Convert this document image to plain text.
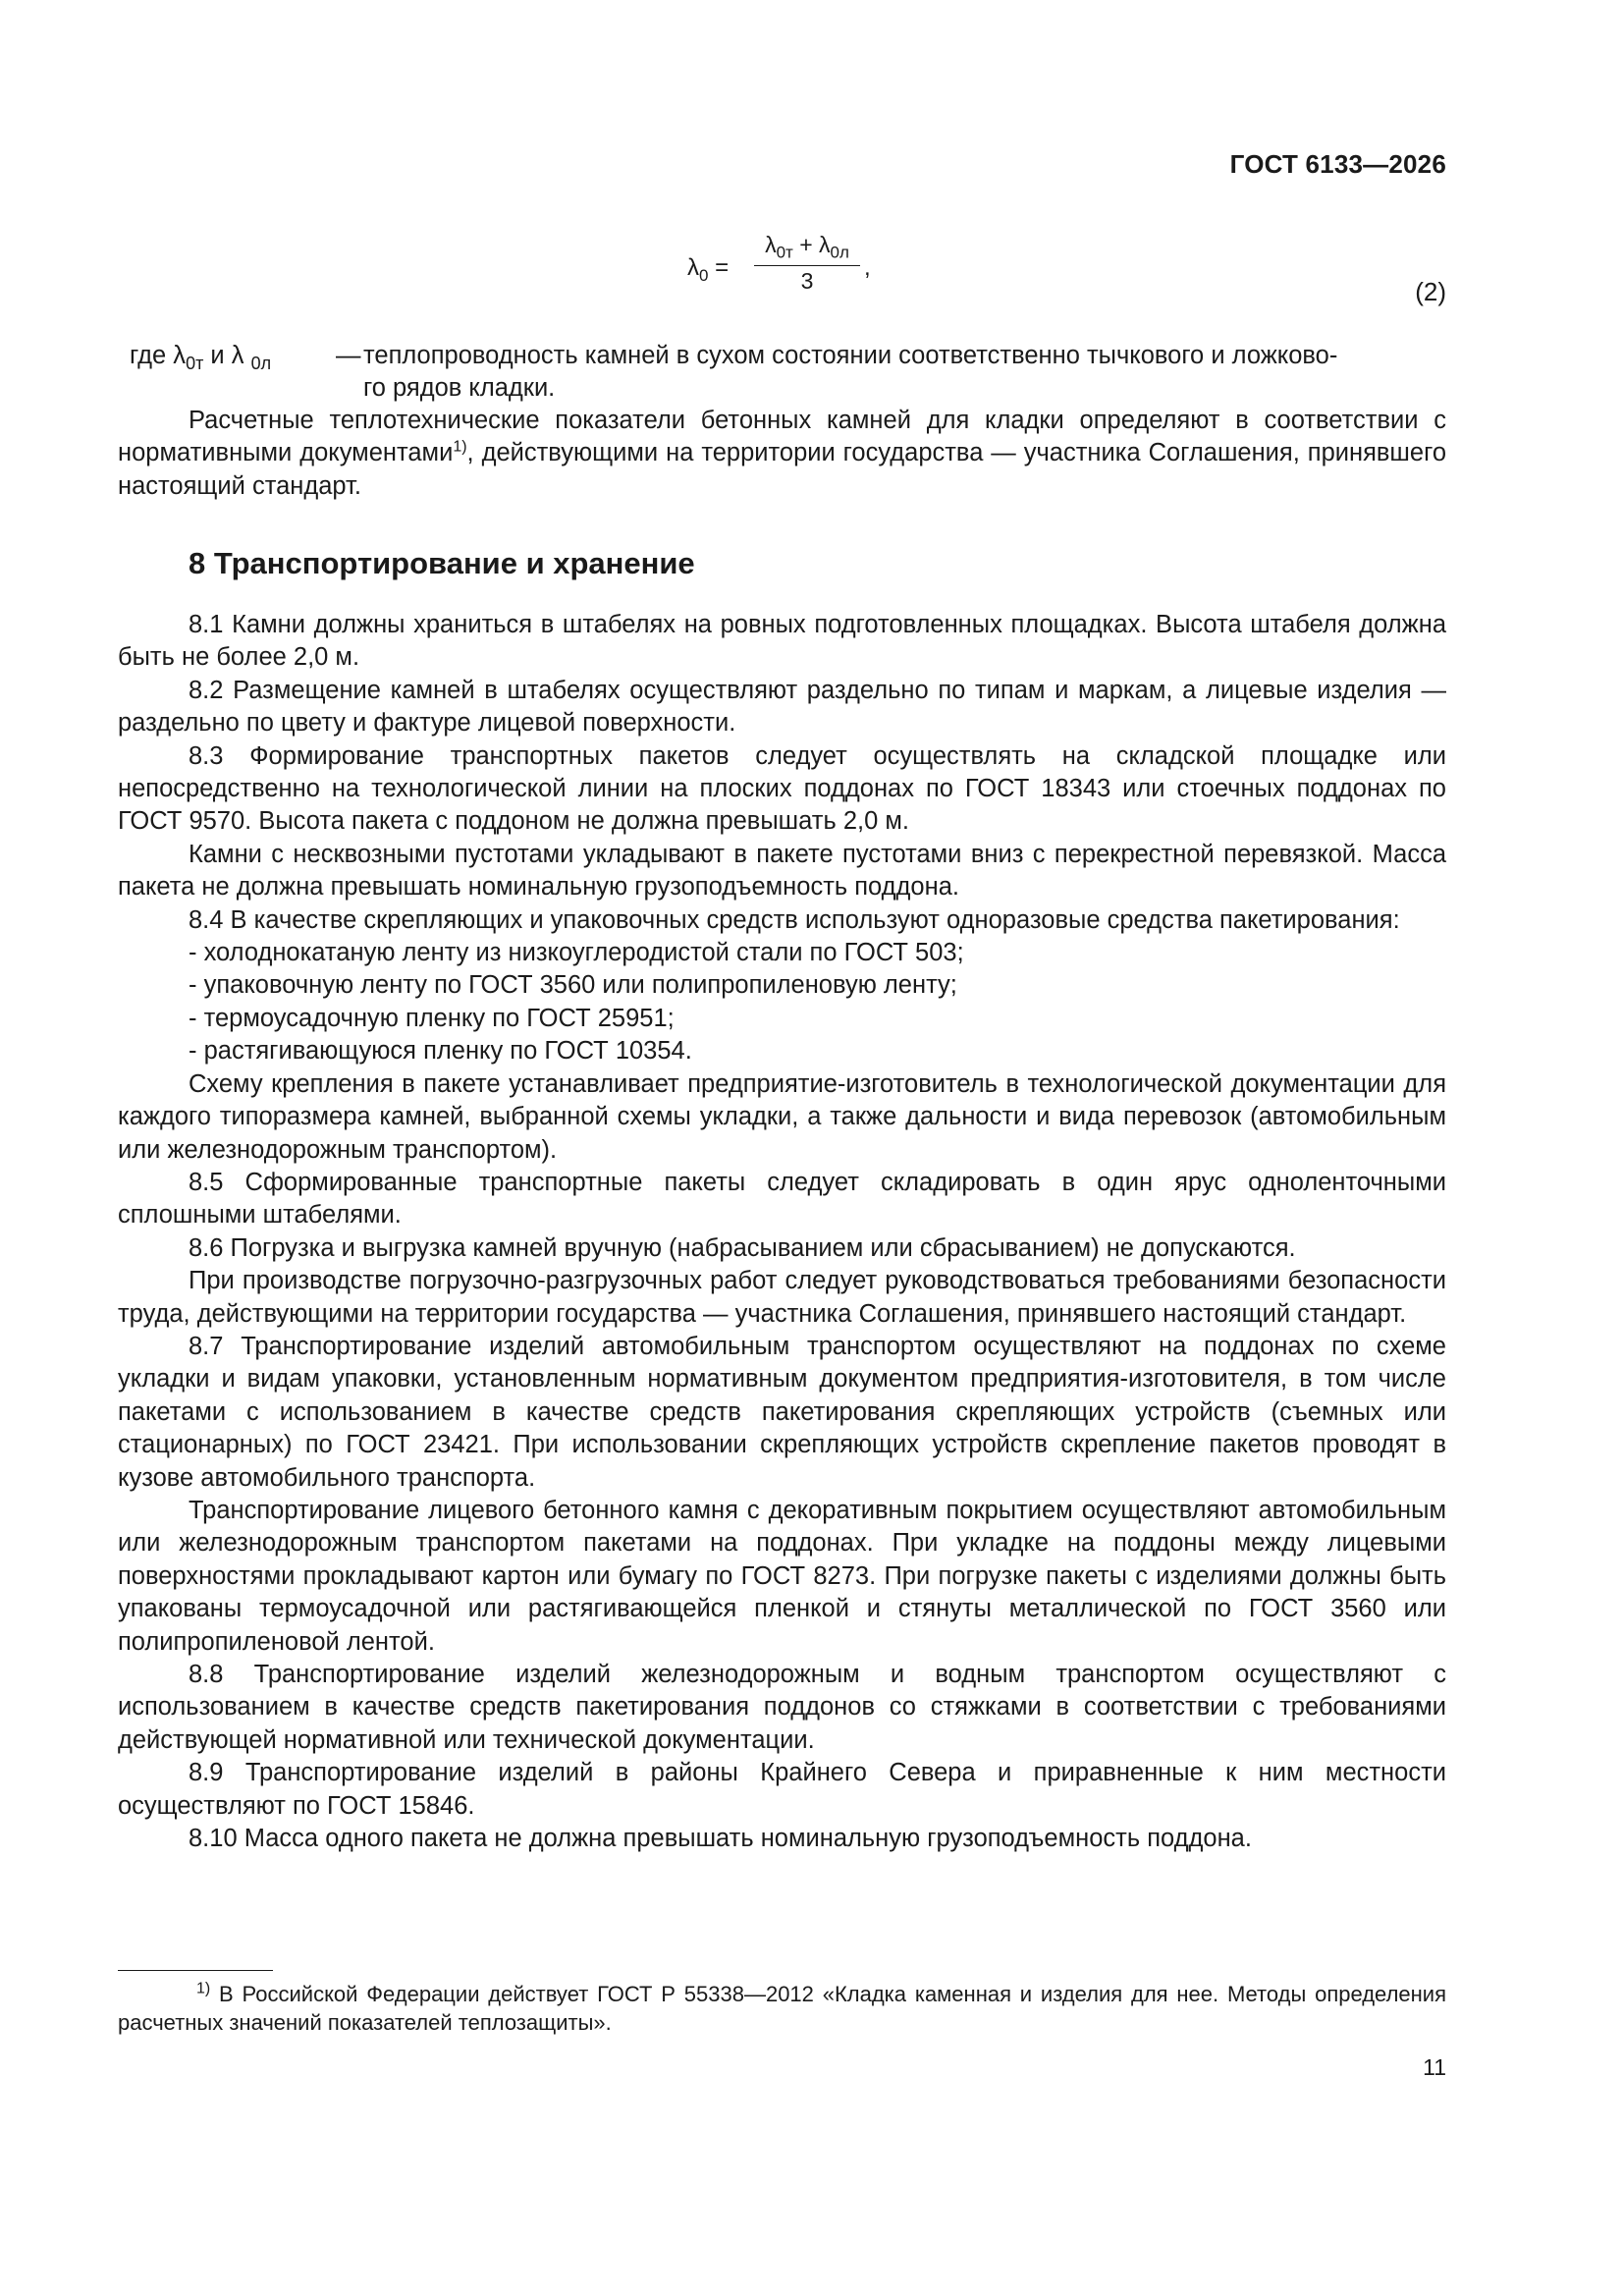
ГОСТ 6133—2026
$\lambda_0$ =
$\lambda_{0т} + \lambda_{0л}$
3	,
(2)
где $\lambda_{0т}$ и λ $_{0л}$	— теплопроводность камней в сухом состоянии соответственно тычкового и ложково-
го рядов кладки.

Расчетные теплотехнические показатели бетонных камней для кладки определяют в соответствии с нормативными документами$^{1)}$, действующими на территории государства — участника Соглашения, принявшего настоящий стандарт.

8 Транспортирование и хранение

8.1 Камни должны храниться в штабелях на ровных подготовленных площадках. Высота штабеля должна быть не более 2,0 м.

8.2 Размещение камней в штабелях осуществляют раздельно по типам и маркам, а лицевые изделия — раздельно по цвету и фактуре лицевой поверхности.

8.3 Формирование транспортных пакетов следует осуществлять на складской площадке или непосредственно на технологической линии на плоских поддонах по ГОСТ 18343 или стоечных поддонах по ГОСТ 9570. Высота пакета с поддоном не должна превышать 2,0 м.

Камни с несквозными пустотами укладывают в пакете пустотами вниз с перекрестной перевязкой. Масса пакета не должна превышать номинальную грузоподъемность поддона.

8.4 В качестве скрепляющих и упаковочных средств используют одноразовые средства пакетирования:

- холоднокатаную ленту из низкоуглеродистой стали по ГОСТ 503;

- упаковочную ленту по ГОСТ 3560 или полипропиленовую ленту;

- термоусадочную пленку по ГОСТ 25951;

- растягивающуюся пленку по ГОСТ 10354.

Схему крепления в пакете устанавливает предприятие-изготовитель в технологической документации для каждого типоразмера камней, выбранной схемы укладки, а также дальности и вида перевозок (автомобильным или железнодорожным транспортом).

8.5 Сформированные транспортные пакеты следует складировать в один ярус одноленточными сплошными штабелями.

8.6 Погрузка и выгрузка камней вручную (набрасыванием или сбрасыванием) не допускаются.

При производстве погрузочно-разгрузочных работ следует руководствоваться требованиями безопасности труда, действующими на территории государства — участника Соглашения, принявшего настоящий стандарт.

8.7 Транспортирование изделий автомобильным транспортом осуществляют на поддонах по схеме укладки и видам упаковки, установленным нормативным документом предприятия-изготовителя, в том числе пакетами с использованием в качестве средств пакетирования скрепляющих устройств (съемных или стационарных) по ГОСТ 23421. При использовании скрепляющих устройств скрепление пакетов проводят в кузове автомобильного транспорта.

Транспортирование лицевого бетонного камня с декоративным покрытием осуществляют автомобильным или железнодорожным транспортом пакетами на поддонах. При укладке на поддоны между лицевыми поверхностями прокладывают картон или бумагу по ГОСТ 8273. При погрузке пакеты с изделиями должны быть упакованы термоусадочной или растягивающейся пленкой и стянуты металлической по ГОСТ 3560 или полипропиленовой лентой.

8.8 Транспортирование изделий железнодорожным и водным транспортом осуществляют с использованием в качестве средств пакетирования поддонов со стяжками в соответствии с требованиями действующей нормативной или технической документации.

8.9 Транспортирование изделий в районы Крайнего Севера и приравненные к ним местности осуществляют по ГОСТ 15846.

8.10 Масса одного пакета не должна превышать номинальную грузоподъемность поддона.

$^{1)}$ В Российской Федерации действует ГОСТ Р 55338—2012 «Кладка каменная и изделия для нее. Методы определения расчетных значений показателей теплозащиты».

11
